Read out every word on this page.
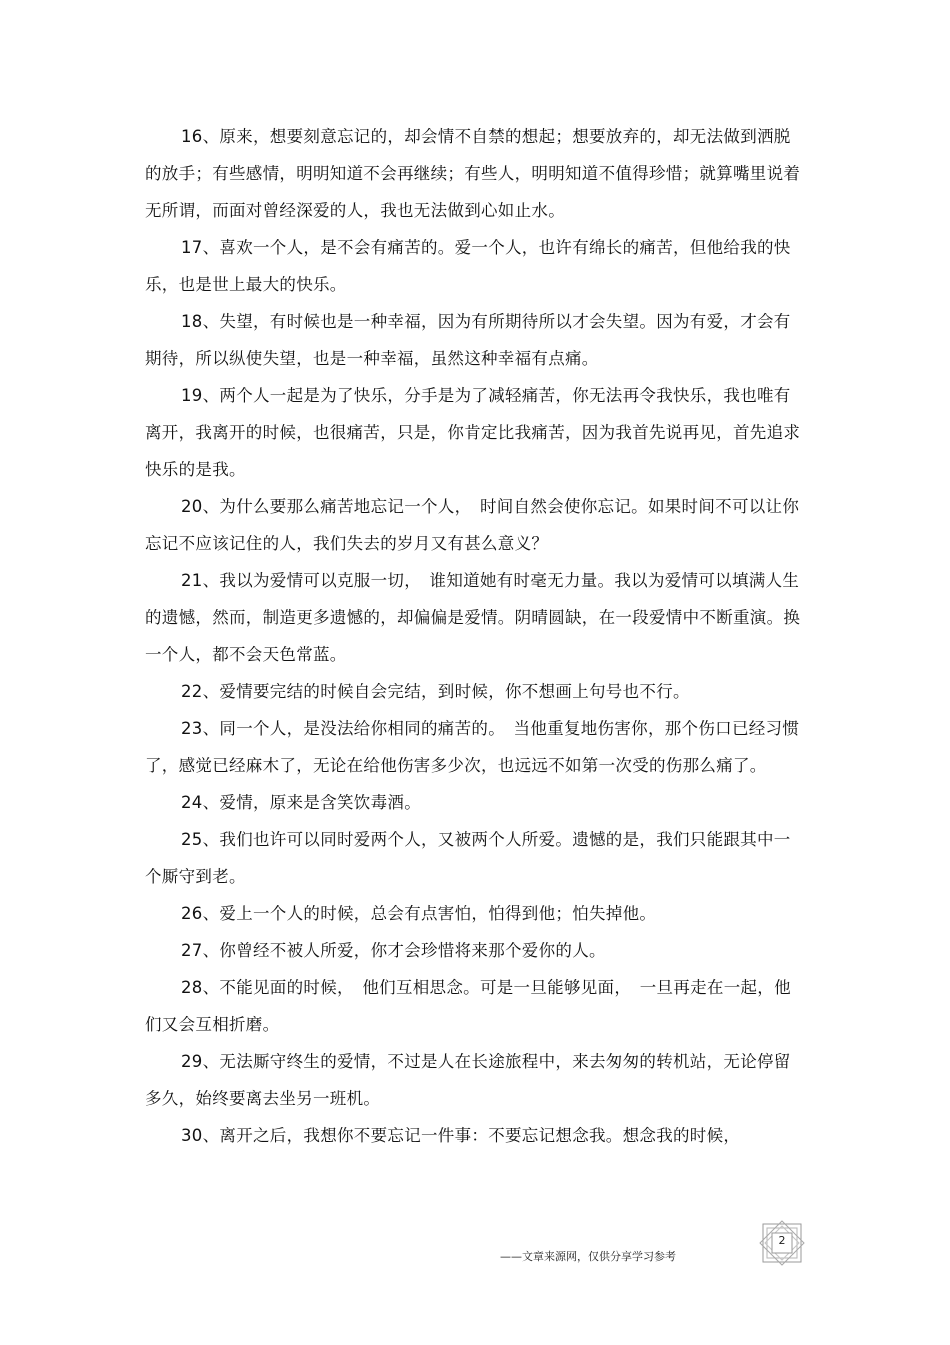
16、原来，想要刻意忘记的，却会情不自禁的想起；想要放弃的，却无法做到洒脱的放手；有些感情，明明知道不会再继续；有些人，明明知道不值得珍惜；就算嘴里说着无所谓，而面对曾经深爱的人，我也无法做到心如止水。

17、喜欢一个人，是不会有痛苦的。爱一个人，也许有绵长的痛苦，但他给我的快乐，也是世上最大的快乐。

18、失望，有时候也是一种幸福，因为有所期待所以才会失望。因为有爱，才会有期待，所以纵使失望，也是一种幸福，虽然这种幸福有点痛。

19、两个人一起是为了快乐，分手是为了减轻痛苦，你无法再令我快乐，我也唯有离开，我离开的时候，也很痛苦，只是，你肯定比我痛苦，因为我首先说再见，首先追求快乐的是我。

20、为什么要那么痛苦地忘记一个人，　时间自然会使你忘记。如果时间不可以让你忘记不应该记住的人，我们失去的岁月又有甚么意义？

21、我以为爱情可以克服一切，　谁知道她有时毫无力量。我以为爱情可以填满人生的遗憾，然而，制造更多遗憾的，却偏偏是爱情。阴晴圆缺，在一段爱情中不断重演。换一个人，都不会天色常蓝。

22、爱情要完结的时候自会完结，到时候，你不想画上句号也不行。

23、同一个人，是没法给你相同的痛苦的。　当他重复地伤害你，那个伤口已经习惯了，感觉已经麻木了，无论在给他伤害多少次，也远远不如第一次受的伤那么痛了。

24、爱情，原来是含笑饮毒酒。

25、我们也许可以同时爱两个人，又被两个人所爱。遗憾的是，我们只能跟其中一个厮守到老。

26、爱上一个人的时候，总会有点害怕，怕得到他；怕失掉他。

27、你曾经不被人所爱，你才会珍惜将来那个爱你的人。

28、不能见面的时候，　他们互相思念。可是一旦能够见面，　一旦再走在一起，他们又会互相折磨。

29、无法厮守终生的爱情，不过是人在长途旅程中，来去匆匆的转机站，无论停留多久，始终要离去坐另一班机。

30、离开之后，我想你不要忘记一件事：不要忘记想念我。想念我的时候，

——文章来源网，仅供分享学习参考
2
